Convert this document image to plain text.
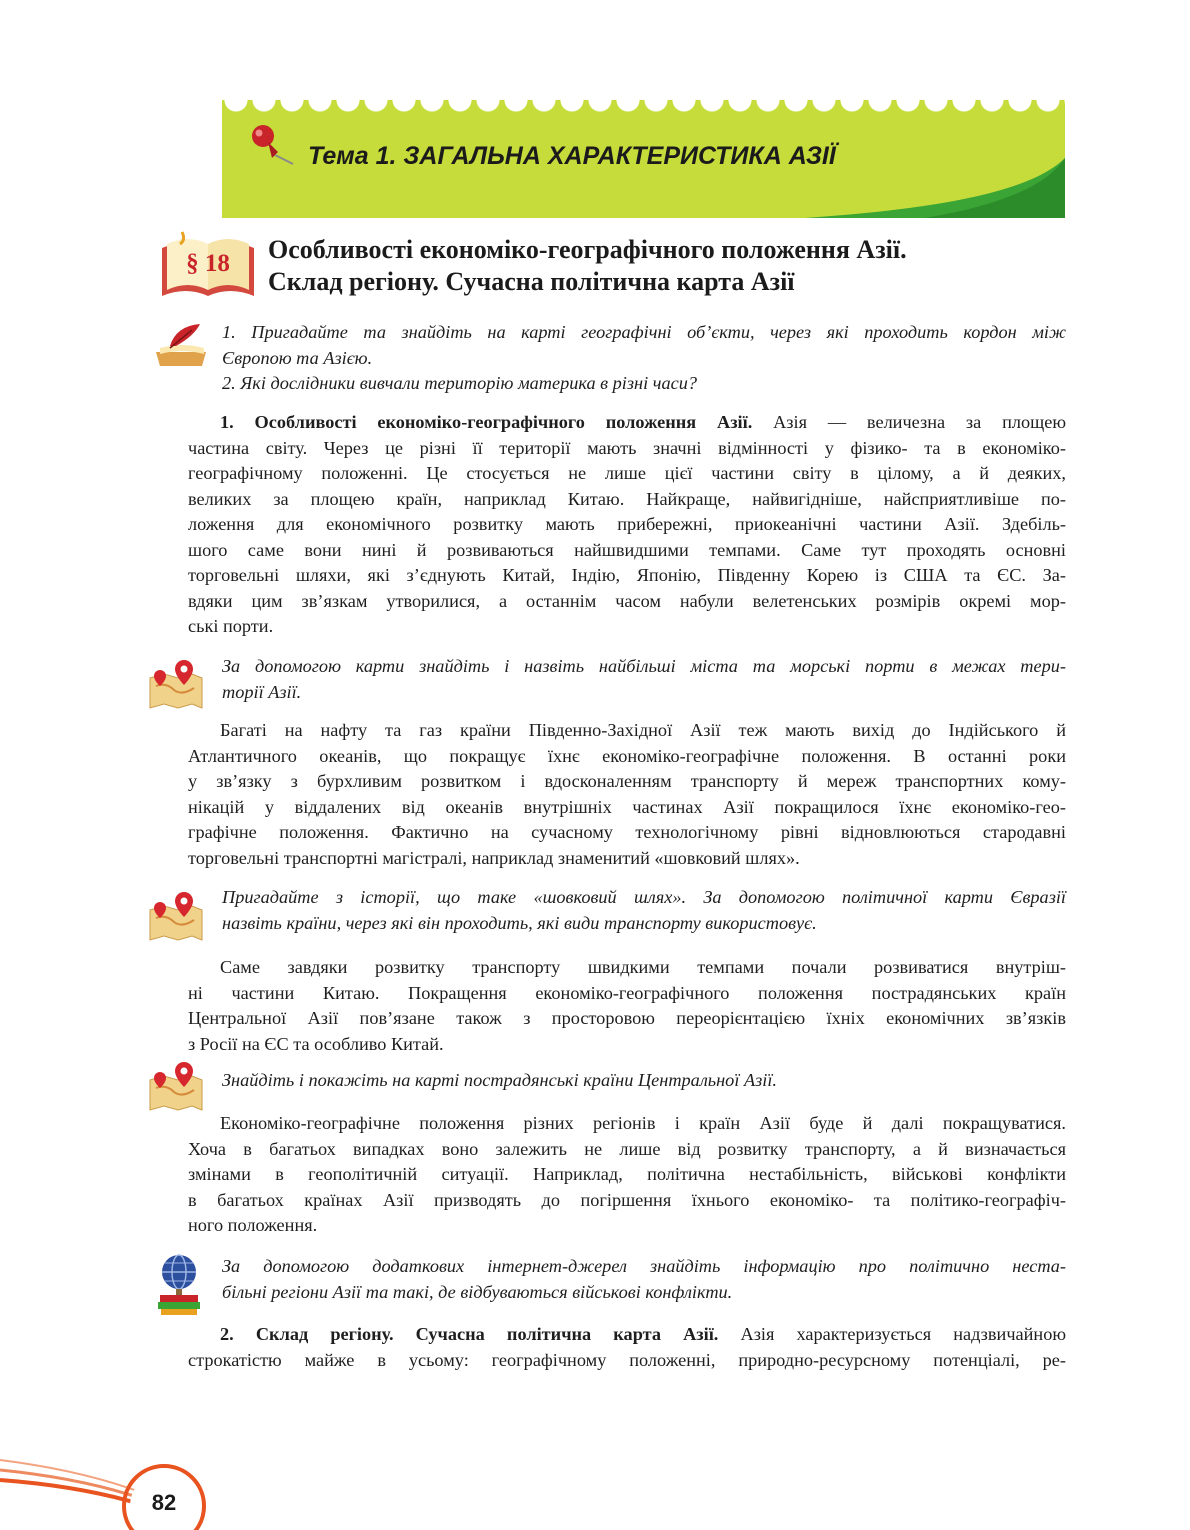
Тема 1. ЗАГАЛЬНА ХАРАКТЕРИСТИКА АЗІЇ
§ 18	Особливості економіко-географічного положення Азії.
Склад регіону. Сучасна політична карта Азії
1. Пригадайте та знайдіть на карті географічні об’єкти, через які проходить кордон між
Європою та Азією.
2. Які дослідники вивчали територію материка в різні часи?
1. Особливості економіко-географічного положення Азії. Азія — величезна за площею
частина світу. Через це різні її території мають значні відмінності у фізико- та в економіко-
географічному положенні. Це стосується не лише цієї частини світу в цілому, а й деяких,
великих за площею країн, наприклад Китаю. Найкраще, найвигідніше, найсприятливіше по-
ложення для економічного розвитку мають прибережні, приокеанічні частини Азії. Здебіль-
шого саме вони нині й розвиваються найшвидшими темпами. Саме тут проходять основні
торговельні шляхи, які з’єднують Китай, Індію, Японію, Південну Корею із США та ЄС. За-
вдяки цим зв’язкам утворилися, а останнім часом набули велетенських розмірів окремі мор-
ські порти.
За допомогою карти знайдіть і назвіть найбільші міста та морські порти в межах тери-
торії Азії.
Багаті на нафту та газ країни Південно-Західної Азії теж мають вихід до Індійського й
Атлантичного океанів, що покращує їхнє економіко-географічне положення. В останні роки
у зв’язку з бурхливим розвитком і вдосконаленням транспорту й мереж транспортних кому-
нікацій у віддалених від океанів внутрішніх частинах Азії покращилося їхнє економіко-гео-
графічне положення. Фактично на сучасному технологічному рівні відновлюються стародавні
торговельні транспортні магістралі, наприклад знаменитий «шовковий шлях».
Пригадайте з історії, що таке «шовковий шлях». За допомогою політичної карти Євразії
назвіть країни, через які він проходить, які види транспорту використовує.
Саме завдяки розвитку транспорту швидкими темпами почали розвиватися внутріш-
ні частини Китаю. Покращення економіко-географічного положення пострадянських країн
Центральної Азії пов’язане також з просторовою переорієнтацією їхніх економічних зв’язків
з Росії на ЄС та особливо Китай.
Знайдіть і покажіть на карті пострадянські країни Центральної Азії.
Економіко-географічне положення різних регіонів і країн Азії буде й далі покращуватися.
Хоча в багатьох випадках воно залежить не лише від розвитку транспорту, а й визначається
змінами в геополітичній ситуації. Наприклад, політична нестабільність, військові конфлікти
в багатьох країнах Азії призводять до погіршення їхнього економіко- та політико-географіч-
ного положення.
За допомогою додаткових інтернет-джерел знайдіть інформацію про політично неста-
більні регіони Азії та такі, де відбуваються військові конфлікти.
2. Склад регіону. Сучасна політична карта Азії. Азія характеризується надзвичайною
строкатістю майже в усьому: географічному положенні, природно-ресурсному потенціалі, ре-
82
